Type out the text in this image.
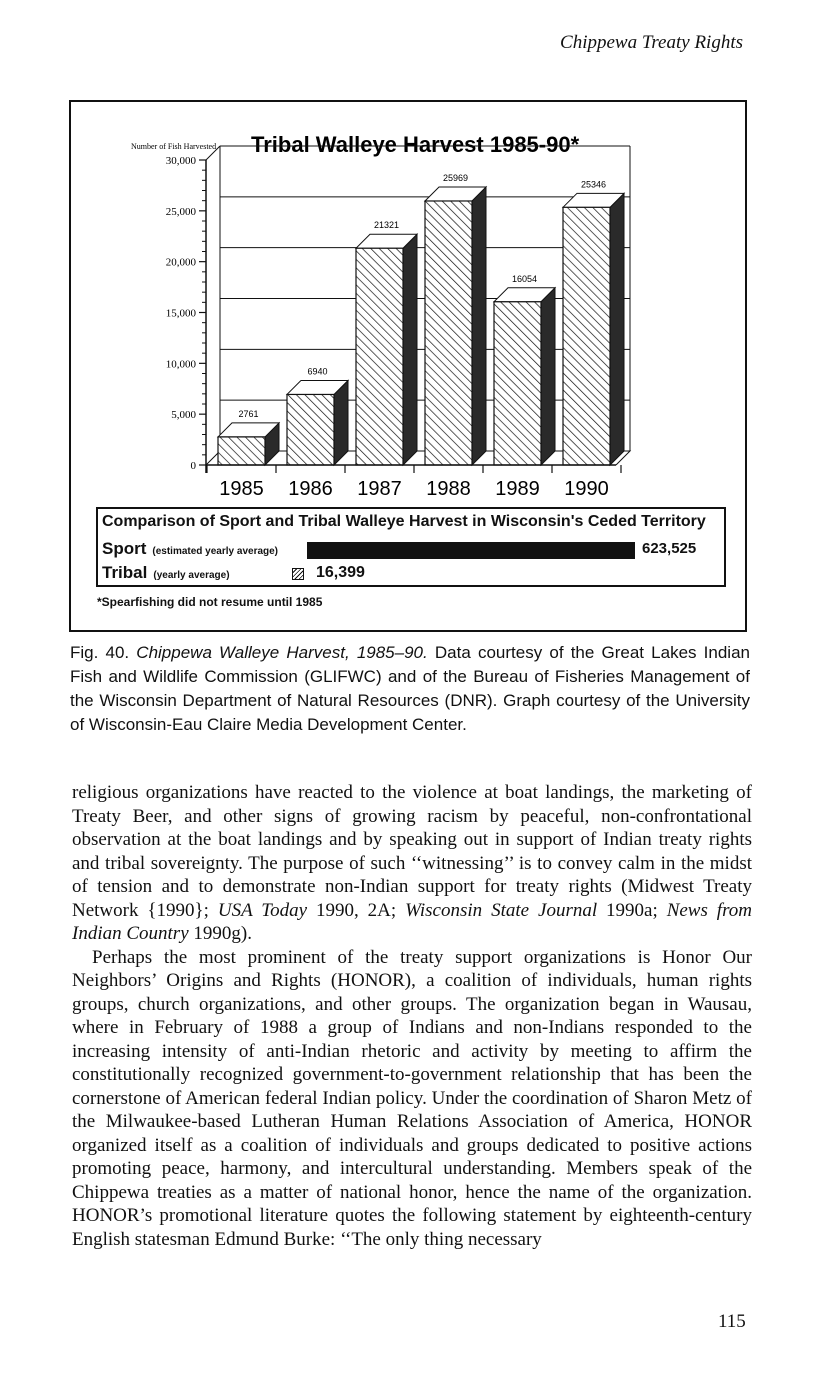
Chippewa Treaty Rights
Number of Fish Harvested Tribal Walleye Harvest 1985-90*
2761
6940
21321
25969
16054
25346
1985 1986 1987 1988 1989 1990
0
5,000
10,000
15,000
20,000
25,000
30,000
Comparison of Sport and Tribal Walleye Harvest in Wisconsin's Ceded Territory
Sport (estimated yearly average)	623,525
Tribal (yearly average)	16,399
*Spearfishing did not resume until 1985
Fig. 40. Chippewa Walleye Harvest, 1985–90. Data courtesy of the Great Lakes Indian Fish and Wildlife Commission (GLIFWC) and of the Bureau of Fisheries Management of the Wisconsin Department of Natural Resources (DNR). Graph courtesy of the University of Wisconsin-Eau Claire Media Development Center.

religious organizations have reacted to the violence at boat landings, the marketing of Treaty Beer, and other signs of growing racism by peaceful, non-confrontational observation at the boat landings and by speaking out in support of Indian treaty rights and tribal sovereignty. The purpose of such ‘‘witnessing’’ is to convey calm in the midst of tension and to demonstrate non-Indian support for treaty rights (Midwest Treaty Network {1990}; USA Today 1990, 2A; Wisconsin State Journal 1990a; News from Indian Country 1990g).

Perhaps the most prominent of the treaty support organizations is Honor Our Neighbors’ Origins and Rights (HONOR), a coalition of individuals, human rights groups, church organizations, and other groups. The organization began in Wausau, where in February of 1988 a group of Indians and non-Indians responded to the increasing intensity of anti-Indian rhetoric and activity by meeting to affirm the constitutionally recognized government-to-government relationship that has been the cornerstone of American federal Indian policy. Under the coordination of Sharon Metz of the Milwaukee-based Lutheran Human Relations Association of America, HONOR organized itself as a coalition of individuals and groups dedicated to positive actions promoting peace, harmony, and intercultural understanding. Members speak of the Chippewa treaties as a matter of national honor, hence the name of the organization. HONOR’s promotional literature quotes the following statement by eighteenth-century English statesman Edmund Burke: ‘‘The only thing necessary

115
